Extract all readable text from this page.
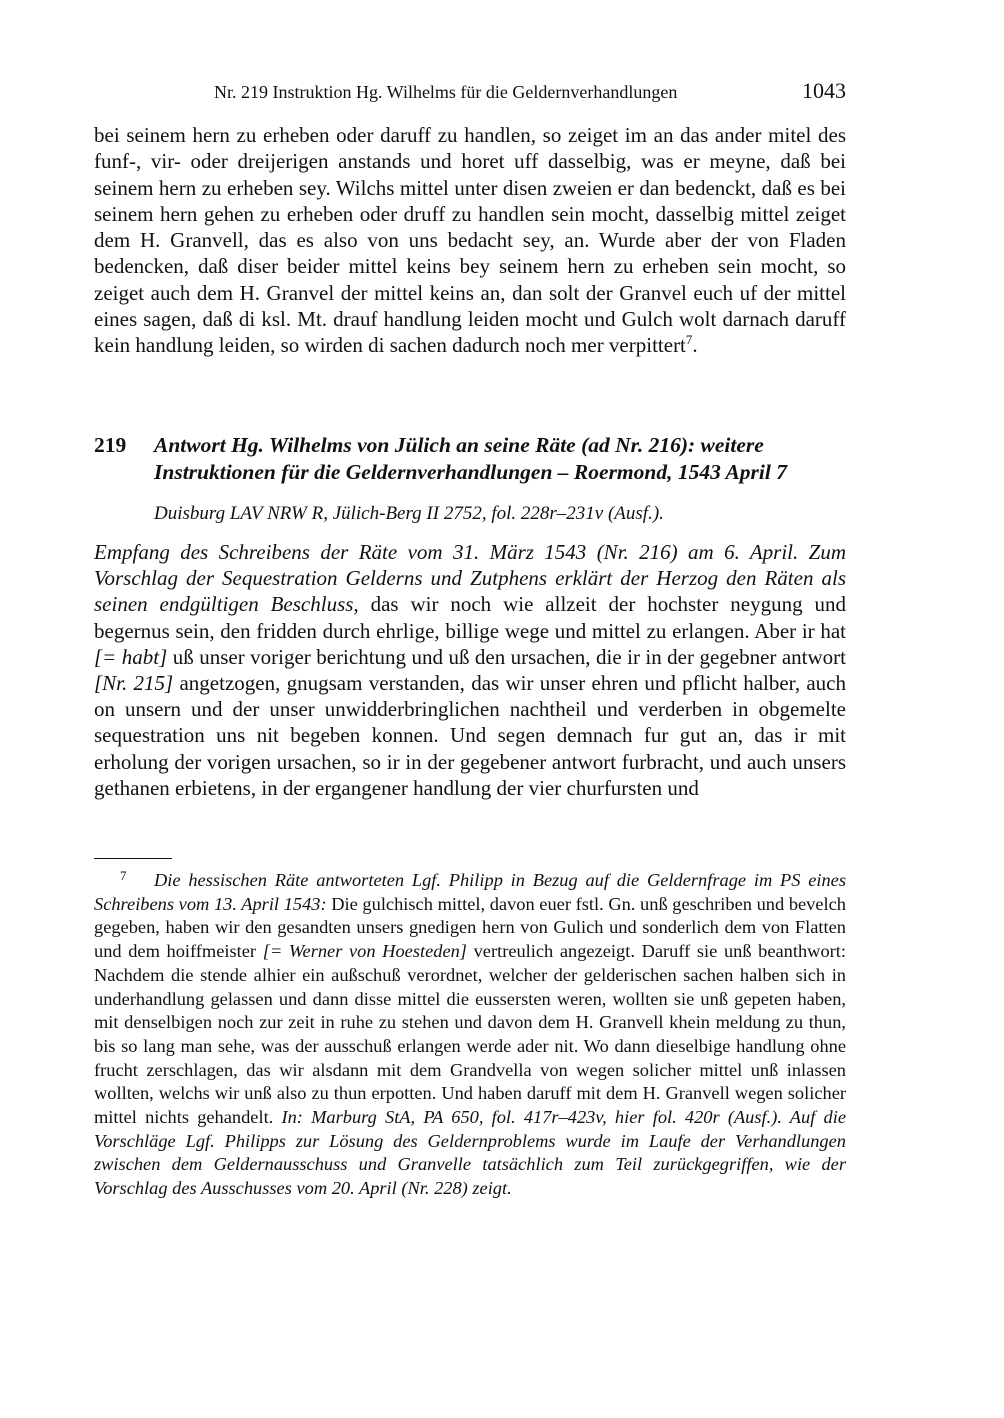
Nr. 219 Instruktion Hg. Wilhelms für die Geldernverhandlungen	1043
bei seinem hern zu erheben oder daruff zu handlen, so zeiget im an das ander mitel des funf-, vir- oder dreijerigen anstands und horet uff dasselbig, was er meyne, daß bei seinem hern zu erheben sey. Wilchs mittel unter disen zweien er dan bedenckt, daß es bei seinem hern gehen zu erheben oder druff zu handlen sein mocht, dasselbig mittel zeiget dem H. Granvell, das es also von uns bedacht sey, an. Wurde aber der von Fladen bedencken, daß diser beider mittel keins bey seinem hern zu erheben sein mocht, so zeiget auch dem H. Granvel der mittel keins an, dan solt der Granvel euch uf der mittel eines sagen, daß di ksl. Mt. drauf handlung leiden mocht und Gulch wolt darnach daruff kein handlung leiden, so wirden di sachen dadurch noch mer verpittert$^7$.
219 Antwort Hg. Wilhelms von Jülich an seine Räte (ad Nr. 216): weitere Instruktionen für die Geldernverhandlungen – Roermond, 1543 April 7
Duisburg LAV NRW R, Jülich-Berg II 2752, fol. 228r–231v (Ausf.).
Empfang des Schreibens der Räte vom 31. März 1543 (Nr. 216) am 6. April. Zum Vorschlag der Sequestration Gelderns und Zutphens erklärt der Herzog den Räten als seinen endgültigen Beschluss, das wir noch wie allzeit der hochster neygung und begernus sein, den fridden durch ehrlige, billige wege und mittel zu erlangen. Aber ir hat [= habt] uß unser voriger berichtung und uß den ursachen, die ir in der gegebner antwort [Nr. 215] angetzogen, gnugsam verstanden, das wir unser ehren und pflicht halber, auch on unsern und der unser unwidderbringlichen nachtheil und verderben in obgemelte sequestration uns nit begeben konnen. Und segen demnach fur gut an, das ir mit erholung der vorigen ursachen, so ir in der gegebener antwort furbracht, und auch unsers gethanen erbietens, in der ergangener handlung der vier churfursten und
7 Die hessischen Räte antworteten Lgf. Philipp in Bezug auf die Geldernfrage im PS eines Schreibens vom 13. April 1543: Die gulchisch mittel, davon euer fstl. Gn. unß geschriben und bevelch gegeben, haben wir den gesandten unsers gnedigen hern von Gulich und sonderlich dem von Flatten und dem hoiffmeister [= Werner von Hoesteden] vertreulich angezeigt. Daruff sie unß beanthwort: Nachdem die stende alhier ein außschuß verordnet, welcher der gelderischen sachen halben sich in underhandlung gelassen und dann disse mittel die eussersten weren, wollten sie unß gepeten haben, mit denselbigen noch zur zeit in ruhe zu stehen und davon dem H. Granvell khein meldung zu thun, bis so lang man sehe, was der ausschuß erlangen werde ader nit. Wo dann dieselbige handlung ohne frucht zerschlagen, das wir alsdann mit dem Grandvella von wegen solicher mittel unß inlassen wollten, welchs wir unß also zu thun erpotten. Und haben daruff mit dem H. Granvell wegen solicher mittel nichts gehandelt. In: Marburg StA, PA 650, fol. 417r–423v, hier fol. 420r (Ausf.). Auf die Vorschläge Lgf. Philipps zur Lösung des Geldernproblems wurde im Laufe der Verhandlungen zwischen dem Geldernausschuss und Granvelle tatsächlich zum Teil zurückgegriffen, wie der Vorschlag des Ausschusses vom 20. April (Nr. 228) zeigt.
